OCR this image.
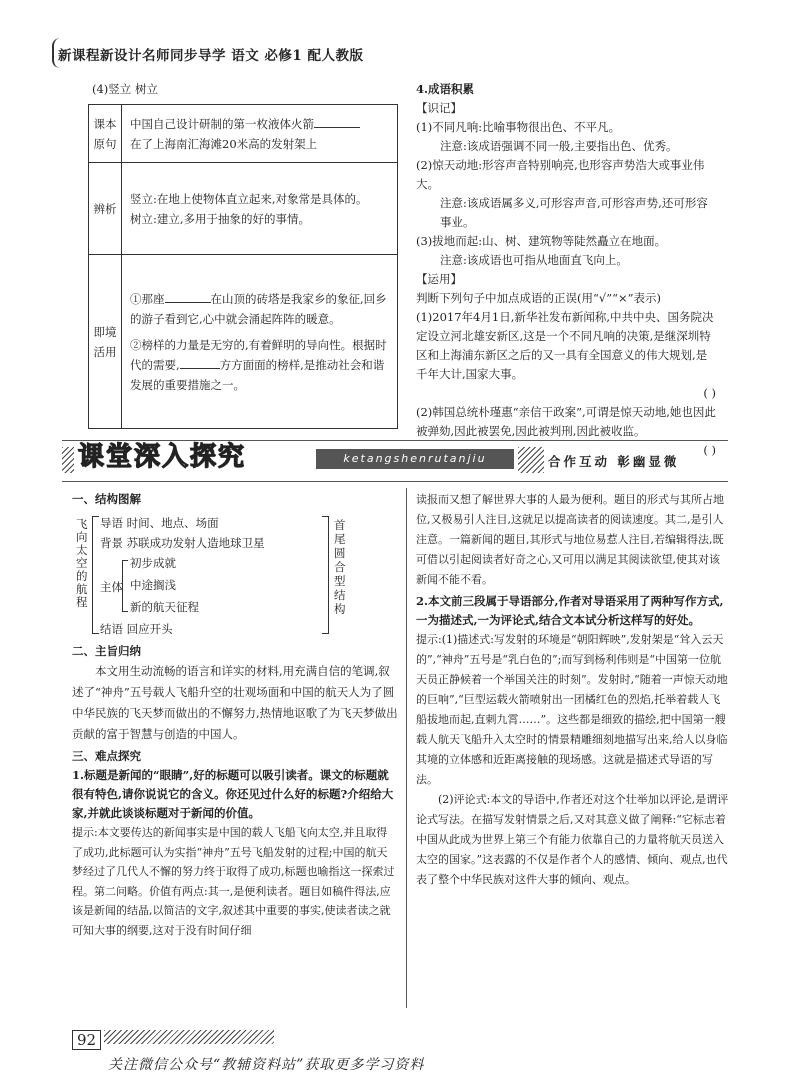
新课程新设计名师同步导学 语文 必修1 配人教版
(4)竖立 树立
课本原句	中国自己设计研制的第一枚液体火箭
在了上海南汇海滩20米高的发射架上
辨析	竖立:在地上使物体直立起来,对象常是具体的。
树立:建立,多用于抽象的好的事情。

即境活用	①那座 在山顶的砖塔是我家乡的象征,回乡的游子看到它,心中就会涌起阵阵的暖意。
②榜样的力量是无穷的,有着鲜明的导向性。根据时代的需要, 方方面面的榜样,是推动社会和谐发展的重要措施之一。
4.成语积累
【识记】
(1)不同凡响:比喻事物很出色、不平凡。
注意:该成语强调不同一般,主要指出色、优秀。
(2)惊天动地:形容声音特别响亮,也形容声势浩大或事业伟大。
注意:该成语属多义,可形容声音,可形容声势,还可形容事业。
(3)拔地而起:山、树、建筑物等陡然矗立在地面。
注意:该成语也可指从地面直飞向上。
【运用】
判断下列句子中加点成语的正误(用“√”“×”表示)
(1)2017年4月1日,新华社发布新闻称,中共中央、国务院决定设立河北雄安新区,这是一个不同凡响的决策,是继深圳特区和上海浦东新区之后的又一具有全国意义的伟大规划,是千年大计,国家大事。
( )
(2)韩国总统朴瑾惠“亲信干政案”,可谓是惊天动地,她也因此被弹劾,因此被罢免,因此被判刑,因此被收监。
( )
课堂深入探究	ketangshenrutanjiu	合作互动 彰幽显微
一、结构图解
飞向太空的航程
导语 时间、地点、场面
背景 苏联成功发射人造地球卫星
主体
初步成就
中途搁浅
新的航天征程
结语 回应开头
首尾圆合型结构
二、主旨归纳
本文用生动流畅的语言和详实的材料,用充满自信的笔调,叙述了“神舟”五号载人飞船升空的壮观场面和中国的航天人为了圆中华民族的飞天梦而做出的不懈努力,热情地讴歌了为飞天梦做出贡献的富于智慧与创造的中国人。
三、难点探究
1.标题是新闻的“眼睛”,好的标题可以吸引读者。课文的标题就很有特色,请你说说它的含义。你还见过什么好的标题?介绍给大家,并就此谈谈标题对于新闻的价值。
提示:本文要传达的新闻事实是中国的载人飞船飞向太空,并且取得了成功,此标题可认为实指“神舟”五号飞船发射的过程;中国的航天梦经过了几代人不懈的努力终于取得了成功,标题也喻指这一探索过程。第二问略。价值有两点:其一,是便利读者。题目如稿件得法,应该是新闻的结晶,以简洁的文字,叙述其中重要的事实,使读者读之就可知大事的纲要,这对于没有时间仔细
读报而又想了解世界大事的人最为便利。题目的形式与其所占地位,又极易引人注目,这就足以提高读者的阅读速度。其二,是引人注意。一篇新闻的题目,其形式与地位易惹人注目,若编辑得法,既可借以引起阅读者好奇之心,又可用以满足其阅读欲望,使其对该新闻不能不看。
2.本文前三段属于导语部分,作者对导语采用了两种写作方式,一为描述式,一为评论式,结合文本试分析这样写的好处。
提示:(1)描述式:写发射的环境是“朝阳辉映”,发射架是“耸入云天的”,“神舟”五号是“乳白色的”;而写到杨利伟则是“中国第一位航天员正静候着一个举国关注的时刻”。发射时,“随着一声惊天动地的巨响”,“巨型运载火箭喷射出一团橘红色的烈焰,托举着载人飞船拔地而起,直刺九霄……”。这些都是细致的描绘,把中国第一艘载人航天飞船升入太空时的情景精雕细刻地描写出来,给人以身临其境的立体感和近距离接触的现场感。这就是描述式导语的写法。
(2)评论式:本文的导语中,作者还对这个壮举加以评论,是谓评论式写法。在描写发射情景之后,又对其意义做了阐释:“它标志着中国从此成为世界上第三个有能力依靠自己的力量将航天员送入太空的国家。”这表露的不仅是作者个人的感情、倾向、观点,也代表了整个中华民族对这件大事的倾向、观点。
92
关注微信公众号“教辅资料站”获取更多学习资料
